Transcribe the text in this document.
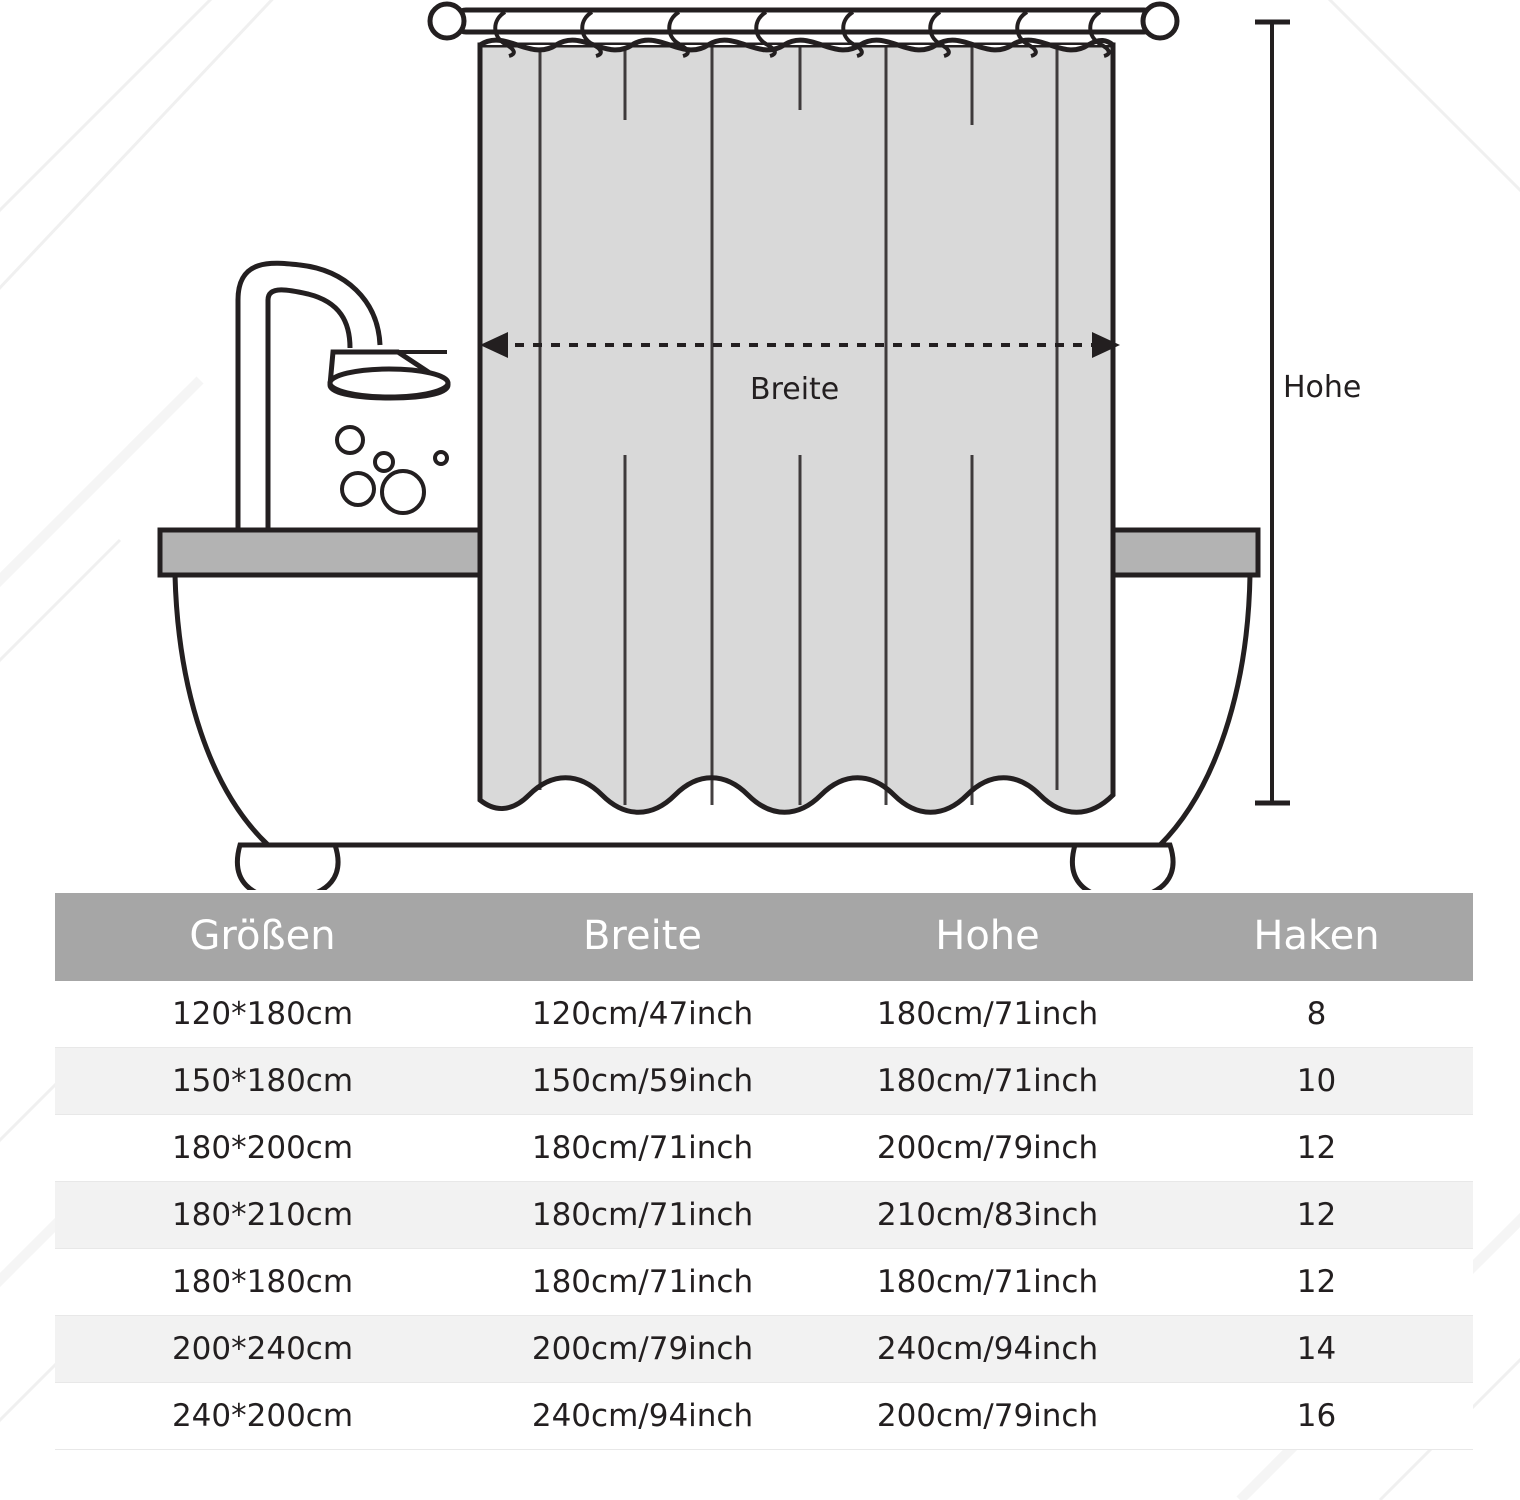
Breite	Hohe
Größen	Breite	Hohe	Haken
120*180cm	120cm/47inch	180cm/71inch	8
150*180cm	150cm/59inch	180cm/71inch	10
180*200cm	180cm/71inch	200cm/79inch	12
180*210cm	180cm/71inch	210cm/83inch	12
180*180cm	180cm/71inch	180cm/71inch	12
200*240cm	200cm/79inch	240cm/94inch	14
240*200cm	240cm/94inch	200cm/79inch	16
